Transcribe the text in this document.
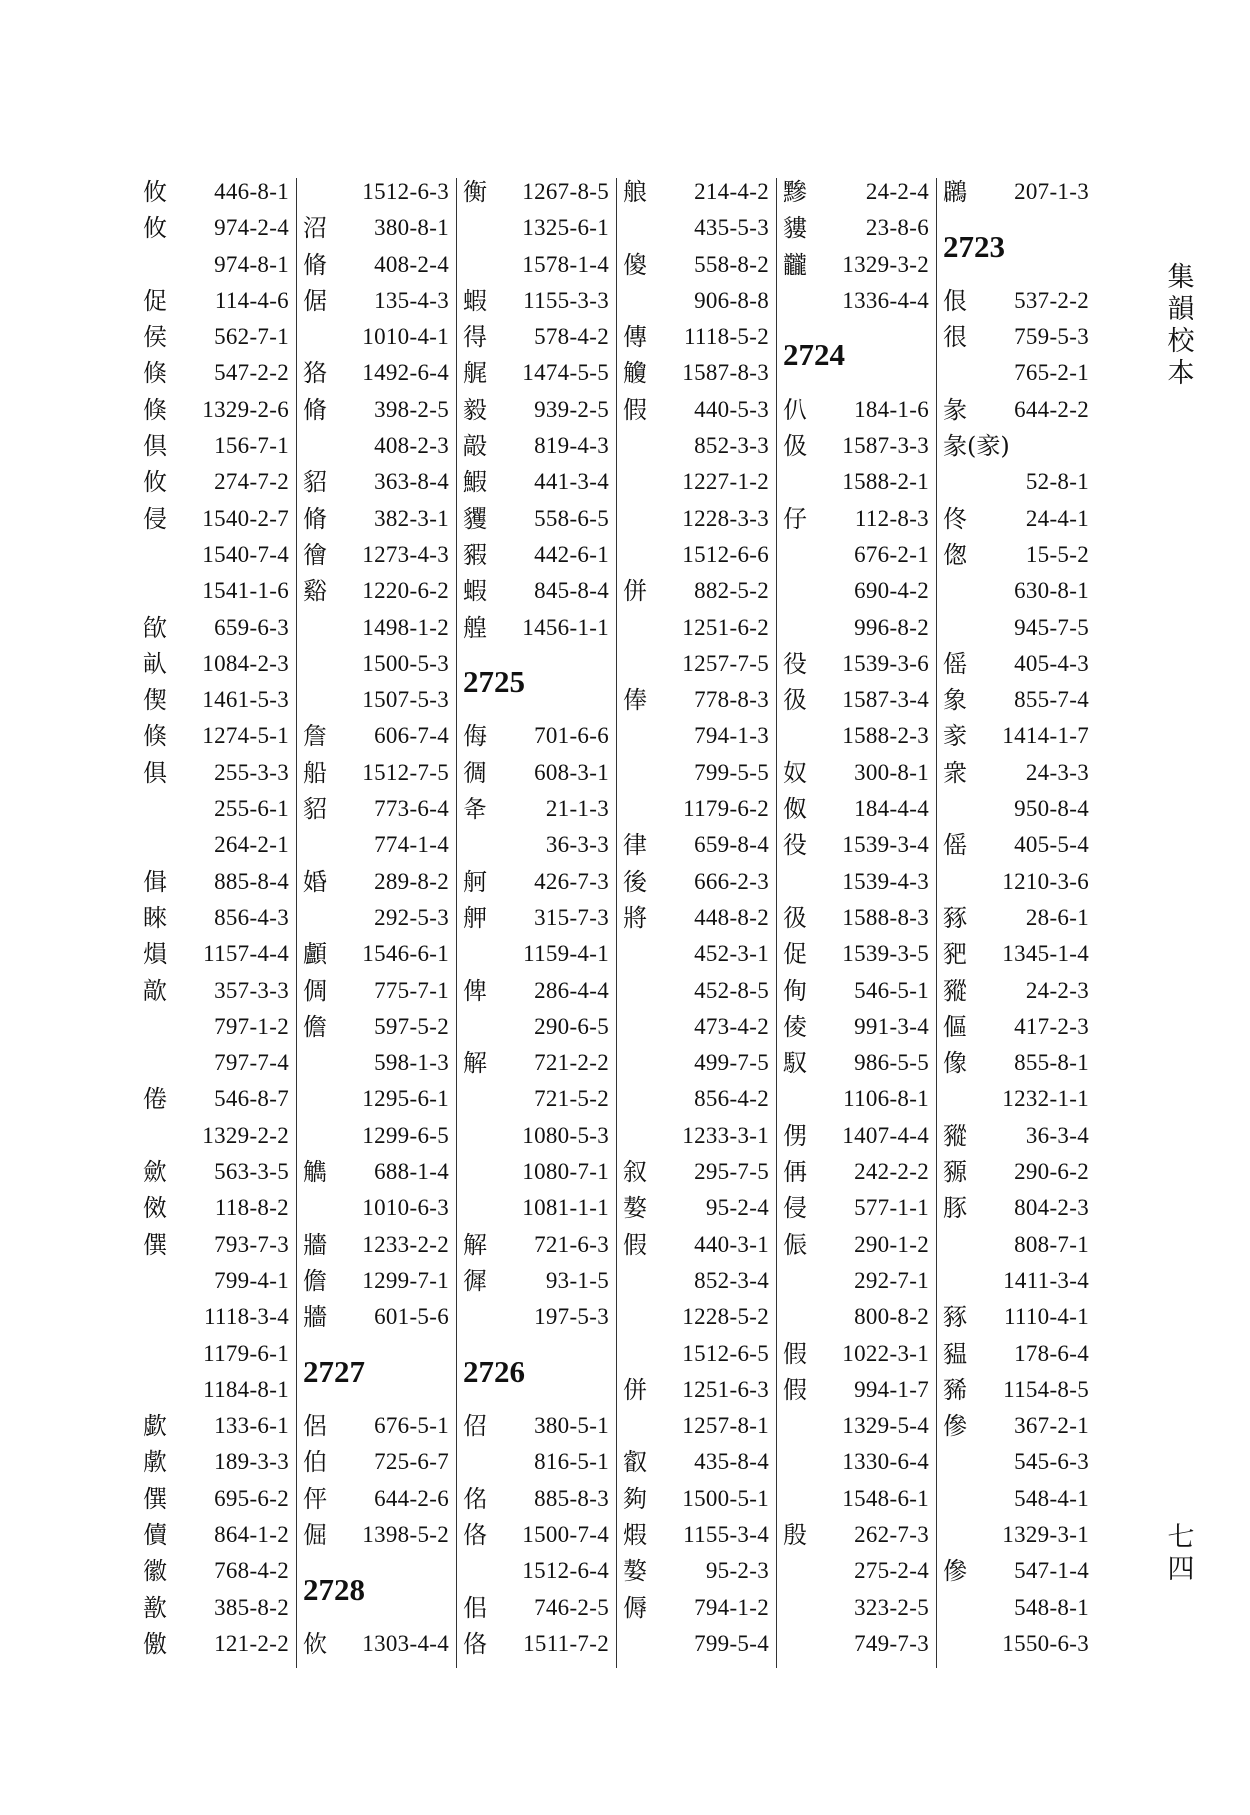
攸 446-8-1
攸 974-2-4
974-8-1
促 114-4-6
侯 562-7-1
倏 547-2-2
倏 1329-2-6
倶 156-7-1
攸 274-7-2
侵 1540-2-7
1540-7-4
1541-1-6
欿 659-6-3
畒 1084-2-3
偰 1461-5-3
倏 1274-5-1
俱 255-3-3
255-6-1
264-2-1
偮 885-8-4
睞 856-4-3
熉 1157-4-4
歊 357-3-3
797-1-2
797-7-4
倦 546-8-7
1329-2-2
歛 563-3-5
傚 118-8-2
僎 793-7-3
799-4-1
1118-3-4
1179-6-1
1184-8-1
歔 133-6-1
歑 189-3-3
僎 695-6-2
儥 864-1-2
徽 768-4-2
歚 385-8-2
儌 121-2-2
1512-6-3
沼 380-8-1
脩 408-2-4
倨 135-4-3
1010-4-1
狢 1492-6-4
脩 398-2-5
408-2-3
貂 363-8-4
脩 382-3-1
徻 1273-4-3
谿 1220-6-2
1498-1-2
1500-5-3
1507-5-3
詹 606-7-4
船 1512-7-5
貂 773-6-4
774-1-4
婚 289-8-2
292-5-3
顱 1546-6-1
倜 775-7-1
儋 597-5-2
598-1-3
1295-6-1
1299-6-5
觹 688-1-4
1010-6-3
牆 1233-2-2
儋 1299-7-1
牆 601-5-6
2727
侶 676-5-1
伯 725-6-7
伻 644-2-6
倔 1398-5-2
2728
佽 1303-4-4
衡 1267-8-5
1325-6-1
1578-1-4
蝦 1155-3-3
得 578-4-2
艉 1474-5-5
毅 939-2-5
毃 819-4-3
鰕 441-3-4
貜 558-6-5
豭 442-6-1
蝦 845-8-4
艎 1456-1-1
2725
侮 701-6-6
徟 608-3-1
夅	21-1-3
36-3-3
舸 426-7-3
舺 315-7-3
1159-4-1
俾 286-4-4
290-6-5
解 721-2-2
721-5-2
1080-5-3
1080-7-1
1081-1-1
解 721-6-3
徲	93-1-5
197-5-3
2726
佋 380-5-1
816-5-1
佲 885-8-3
佫 1500-7-4
1512-6-4
佀 746-2-5
佫 1511-7-2
艆 214-4-2
435-5-3
傻 558-8-2
906-8-8
傳 1118-5-2
觼 1587-8-3
假 440-5-3
852-3-3
1227-1-2
1228-3-3
1512-6-6
併 882-5-2
1251-6-2
1257-7-5
俸 778-8-3
794-1-3
799-5-5
1179-6-2
律 659-8-4
後 666-2-3
將 448-8-2
452-3-1
452-8-5
473-4-2
499-7-5
856-4-2
1233-3-1
叙 295-7-5
嫯	95-2-4
假 440-3-1
852-3-4
1228-5-2
1512-6-5
併 1251-6-3
1257-8-1
叡 435-8-4
夠 1500-5-1
煆 1155-3-4
嫯	95-2-3
傉 794-1-2
799-5-4
黲	24-2-4
貗	23-8-6
龖 1329-3-2
1336-4-4
2724
仈 184-1-6
伋 1587-3-3
1588-2-1
仔 112-8-3
676-2-1
690-4-2
996-8-2
役 1539-3-6
彶 1587-3-4
1588-2-3
奴 300-8-1
伮 184-4-4
役 1539-3-4
1539-4-3
彶 1588-8-3
促 1539-3-5
侚 546-5-1
倰 991-3-4
馭 986-5-5
1106-8-1
侽 1407-4-4
侢 242-2-2
侵 577-1-1
侲 290-1-2
292-7-1
800-8-2
假 1022-3-1
假 994-1-7
1329-5-4
1330-6-4
1548-6-1
殷 262-7-3
275-2-4
323-2-5
749-7-3
鸊 207-1-3
2723
佷 537-2-2
很 759-5-3
765-2-1
彖 644-2-2
彖(豙)
52-8-1
佟	24-4-1
偬	15-5-2
630-8-1
945-7-5
傜 405-4-3
象 855-7-4
豙 1414-1-7
衆	24-3-3
950-8-4
傜 405-5-4
1210-3-6
豩	28-6-1
豝 1345-1-4
豵	24-2-3
傴 417-2-3
像 855-8-1
1232-1-1
豵	36-3-4
豲 290-6-2
豚 804-2-3
808-7-1
1411-3-4
豩 1110-4-1
豱 178-6-4
豨 1154-8-5
傪 367-2-1
545-6-3
548-4-1
1329-3-1
傪 547-1-4
548-8-1
1550-6-3
集韻校本
七四
